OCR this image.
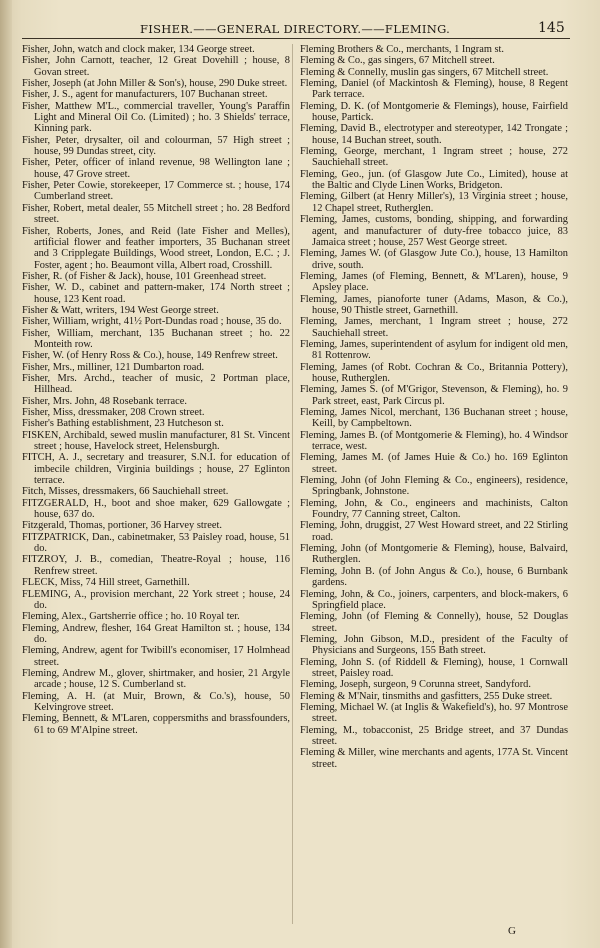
FISHER.——GENERAL DIRECTORY.——FLEMING.	145

Fisher, John, watch and clock maker, 134 George street.

Fisher, John Carnott, teacher, 12 Great Dovehill ; house, 8 Govan street.

Fisher, Joseph (at John Miller & Son's), house, 290 Duke street.

Fisher, J. S., agent for manufacturers, 107 Buchanan street.

Fisher, Matthew M'L., commercial traveller, Young's Paraffin Light and Mineral Oil Co. (Limited) ; ho. 3 Shields' terrace, Kinning park.

Fisher, Peter, drysalter, oil and colourman, 57 High street ; house, 99 Dundas street, city.

Fisher, Peter, officer of inland revenue, 98 Wellington lane ; house, 47 Grove street.

Fisher, Peter Cowie, storekeeper, 17 Commerce st. ; house, 174 Cumberland street.

Fisher, Robert, metal dealer, 55 Mitchell street ; ho. 28 Bedford street.

Fisher, Roberts, Jones, and Reid (late Fisher and Melles), artificial flower and feather importers, 35 Buchanan street and 3 Cripplegate Buildings, Wood street, London, E.C. ; J. Foster, agent ; ho. Beaumont villa, Albert road, Crosshill.

Fisher, R. (of Fisher & Jack), house, 101 Greenhead street.

Fisher, W. D., cabinet and pattern-maker, 174 North street ; house, 123 Kent road.

Fisher & Watt, writers, 194 West George street.

Fisher, William, wright, 41½ Port-Dundas road ; house, 35 do.

Fisher, William, merchant, 135 Buchanan street ; ho. 22 Monteith row.

Fisher, W. (of Henry Ross & Co.), house, 149 Renfrew street.

Fisher, Mrs., milliner, 121 Dumbarton road.

Fisher, Mrs. Archd., teacher of music, 2 Portman place, Hillhead.

Fisher, Mrs. John, 48 Rosebank terrace.

Fisher, Miss, dressmaker, 208 Crown street.

Fisher's Bathing establishment, 23 Hutcheson st.

FISKEN, Archibald, sewed muslin manufacturer, 81 St. Vincent street ; house, Havelock street, Helensburgh.

FITCH, A. J., secretary and treasurer, S.N.I. for education of imbecile children, Virginia buildings ; house, 27 Eglinton terrace.

Fitch, Misses, dressmakers, 66 Sauchiehall street.

FITZGERALD, H., boot and shoe maker, 629 Gallowgate ; house, 637 do.

Fitzgerald, Thomas, portioner, 36 Harvey street.

FITZPATRICK, Dan., cabinetmaker, 53 Paisley road, house, 51 do.

FITZROY, J. B., comedian, Theatre-Royal ; house, 116 Renfrew street.

FLECK, Miss, 74 Hill street, Garnethill.

FLEMING, A., provision merchant, 22 York street ; house, 24 do.

Fleming, Alex., Gartsherrie office ; ho. 10 Royal ter.

Fleming, Andrew, flesher, 164 Great Hamilton st. ; house, 134 do.

Fleming, Andrew, agent for Twibill's economiser, 17 Holmhead street.

Fleming, Andrew M., glover, shirtmaker, and hosier, 21 Argyle arcade ; house, 12 S. Cumberland st.

Fleming, A. H. (at Muir, Brown, & Co.'s), house, 50 Kelvingrove street.

Fleming, Bennett, & M'Laren, coppersmiths and brassfounders, 61 to 69 M'Alpine street.

Fleming Brothers & Co., merchants, 1 Ingram st.

Fleming & Co., gas singers, 67 Mitchell street.

Fleming & Connelly, muslin gas singers, 67 Mitchell street.

Fleming, Daniel (of Mackintosh & Fleming), house, 8 Regent Park terrace.

Fleming, D. K. (of Montgomerie & Flemings), house, Fairfield house, Partick.

Fleming, David B., electrotyper and stereotyper, 142 Trongate ; house, 14 Buchan street, south.

Fleming, George, merchant, 1 Ingram street ; house, 272 Sauchiehall street.

Fleming, Geo., jun. (of Glasgow Jute Co., Limited), house at the Baltic and Clyde Linen Works, Bridgeton.

Fleming, Gilbert (at Henry Miller's), 13 Virginia street ; house, 12 Chapel street, Rutherglen.

Fleming, James, customs, bonding, shipping, and forwarding agent, and manufacturer of duty-free tobacco juice, 83 Jamaica street ; house, 257 West George street.

Fleming, James W. (of Glasgow Jute Co.), house, 13 Hamilton drive, south.

Fleming, James (of Fleming, Bennett, & M'Laren), house, 9 Apsley place.

Fleming, James, pianoforte tuner (Adams, Mason, & Co.), house, 90 Thistle street, Garnethill.

Fleming, James, merchant, 1 Ingram street ; house, 272 Sauchiehall street.

Fleming, James, superintendent of asylum for indigent old men, 81 Rottenrow.

Fleming, James (of Robt. Cochran & Co., Britannia Pottery), house, Rutherglen.

Fleming, James S. (of M'Grigor, Stevenson, & Fleming), ho. 9 Park street, east, Park Circus pl.

Fleming, James Nicol, merchant, 136 Buchanan street ; house, Keill, by Campbeltown.

Fleming, James B. (of Montgomerie & Fleming), ho. 4 Windsor terrace, west.

Fleming, James M. (of James Huie & Co.) ho. 169 Eglinton street.

Fleming, John (of John Fleming & Co., engineers), residence, Springbank, Johnstone.

Fleming, John, & Co., engineers and machinists, Calton Foundry, 77 Canning street, Calton.

Fleming, John, druggist, 27 West Howard street, and 22 Stirling road.

Fleming, John (of Montgomerie & Fleming), house, Balvaird, Rutherglen.

Fleming, John B. (of John Angus & Co.), house, 6 Burnbank gardens.

Fleming, John, & Co., joiners, carpenters, and block-makers, 6 Springfield place.

Fleming, John (of Fleming & Connelly), house, 52 Douglas street.

Fleming, John Gibson, M.D., president of the Faculty of Physicians and Surgeons, 155 Bath street.

Fleming, John S. (of Riddell & Fleming), house, 1 Cornwall street, Paisley road.

Fleming, Joseph, surgeon, 9 Corunna street, Sandyford.

Fleming & M'Nair, tinsmiths and gasfitters, 255 Duke street.

Fleming, Michael W. (at Inglis & Wakefield's), ho. 97 Montrose street.

Fleming, M., tobacconist, 25 Bridge street, and 37 Dundas street.

Fleming & Miller, wine merchants and agents, 177A St. Vincent street.

G
